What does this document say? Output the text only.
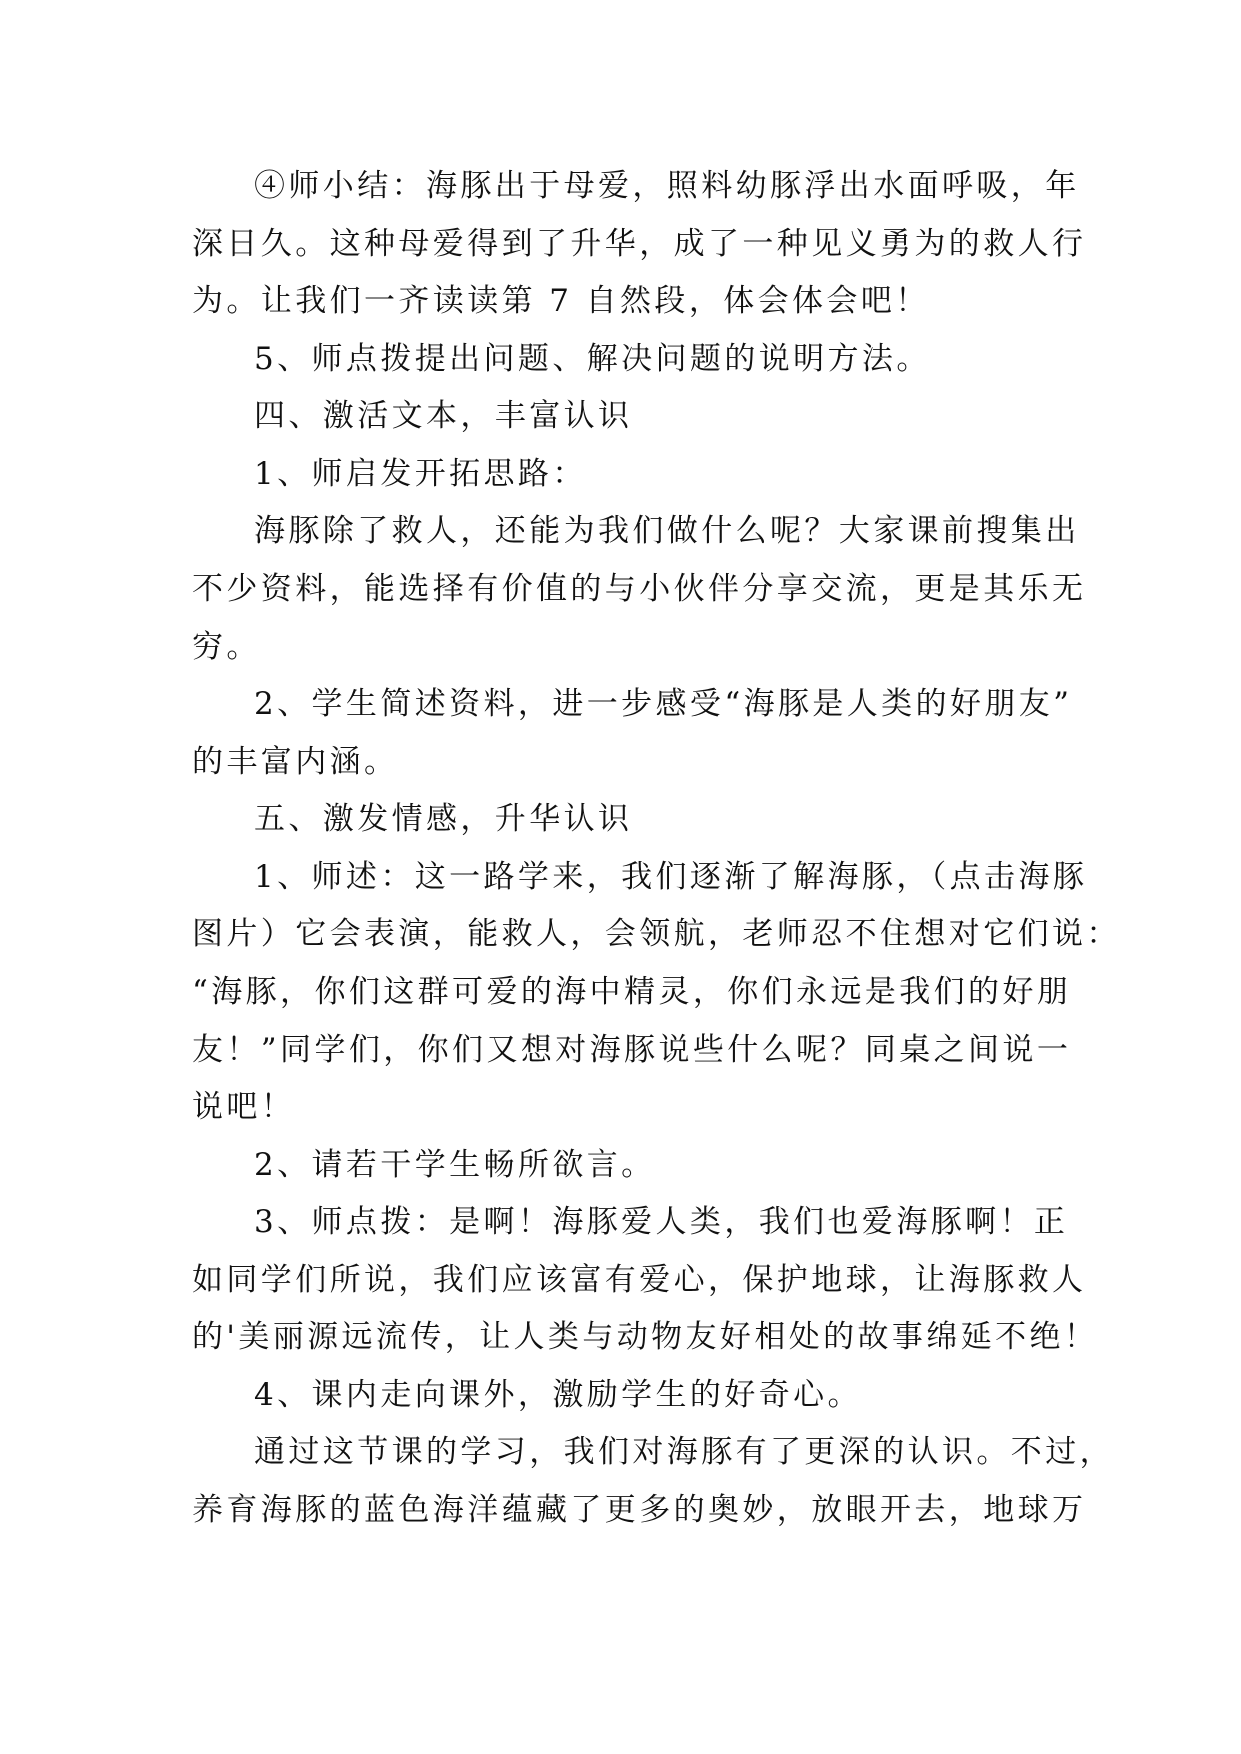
④师小结：海豚出于母爱，照料幼豚浮出水面呼吸，年
深日久。这种母爱得到了升华，成了一种见义勇为的救人行
为。让我们一齐读读第 7 自然段，体会体会吧！
5、师点拨提出问题、解决问题的说明方法。
四、激活文本，丰富认识
1、师启发开拓思路：
海豚除了救人，还能为我们做什么呢？大家课前搜集出
不少资料，能选择有价值的与小伙伴分享交流，更是其乐无
穷。
2、学生简述资料，进一步感受“海豚是人类的好朋友”
的丰富内涵。
五、激发情感，升华认识
1、师述：这一路学来，我们逐渐了解海豚，（点击海豚
图片）它会表演，能救人，会领航，老师忍不住想对它们说：
“海豚，你们这群可爱的海中精灵，你们永远是我们的好朋
友！”同学们，你们又想对海豚说些什么呢？同桌之间说一
说吧！
2、请若干学生畅所欲言。
3、师点拨：是啊！海豚爱人类，我们也爱海豚啊！正
如同学们所说，我们应该富有爱心，保护地球，让海豚救人
的'美丽源远流传，让人类与动物友好相处的故事绵延不绝！
4、课内走向课外，激励学生的好奇心。
通过这节课的学习，我们对海豚有了更深的认识。不过，
养育海豚的蓝色海洋蕴藏了更多的奥妙，放眼开去，地球万
